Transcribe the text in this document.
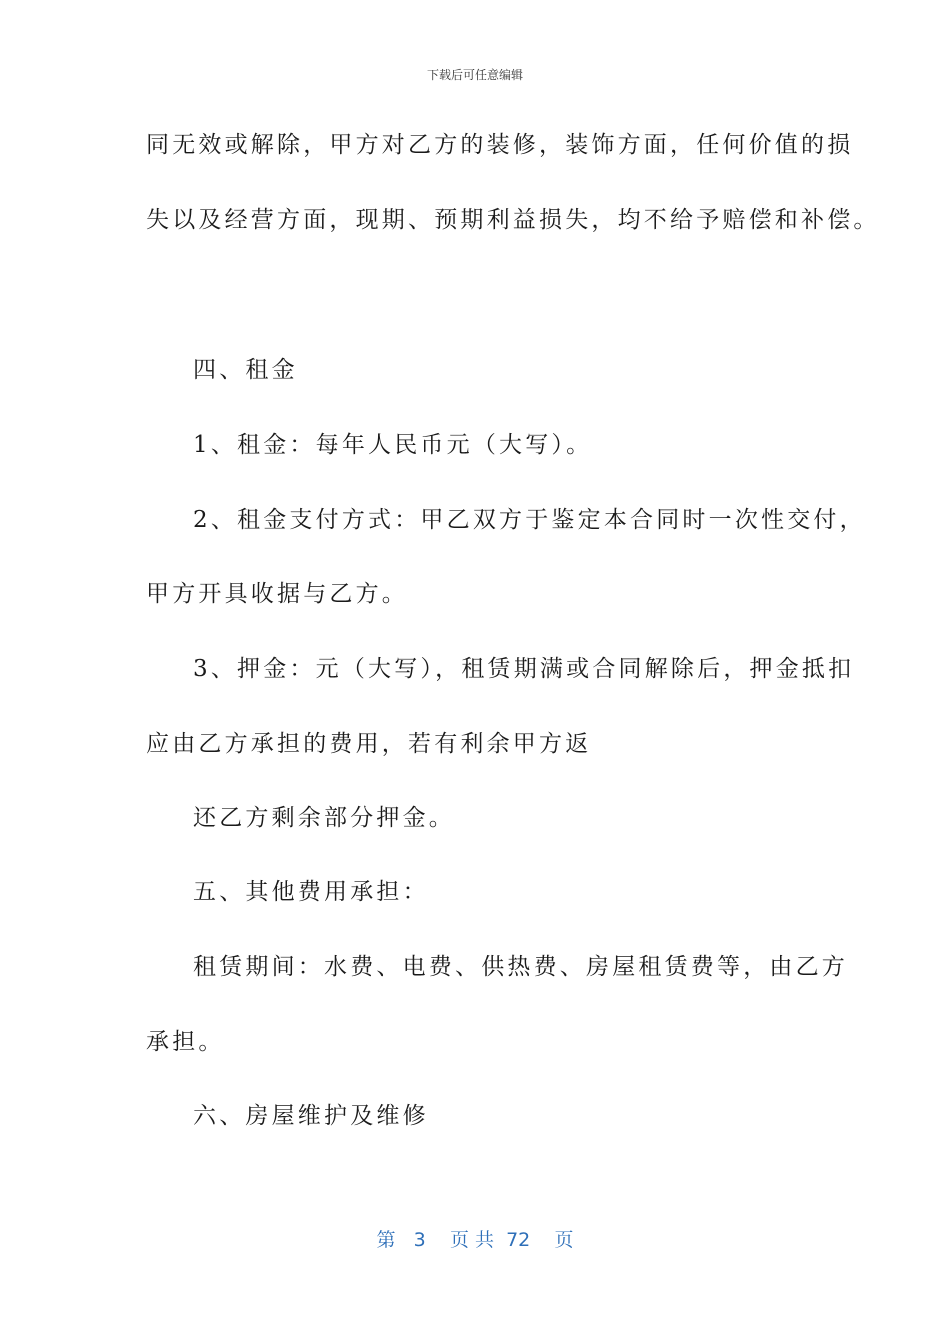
下载后可任意编辑
同无效或解除，甲方对乙方的装修，装饰方面，任何价值的损
失以及经营方面，现期、预期利益损失，均不给予赔偿和补偿。
四、租金
1、租金：每年人民币元（大写）。
2、租金支付方式：甲乙双方于鉴定本合同时一次性交付，
甲方开具收据与乙方。
3、押金：元（大写），租赁期满或合同解除后，押金抵扣
应由乙方承担的费用，若有利余甲方返
还乙方剩余部分押金。
五、其他费用承担：
租赁期间：水费、电费、供热费、房屋租赁费等，由乙方
承担。
六、房屋维护及维修
第 3 页 共 72 页
